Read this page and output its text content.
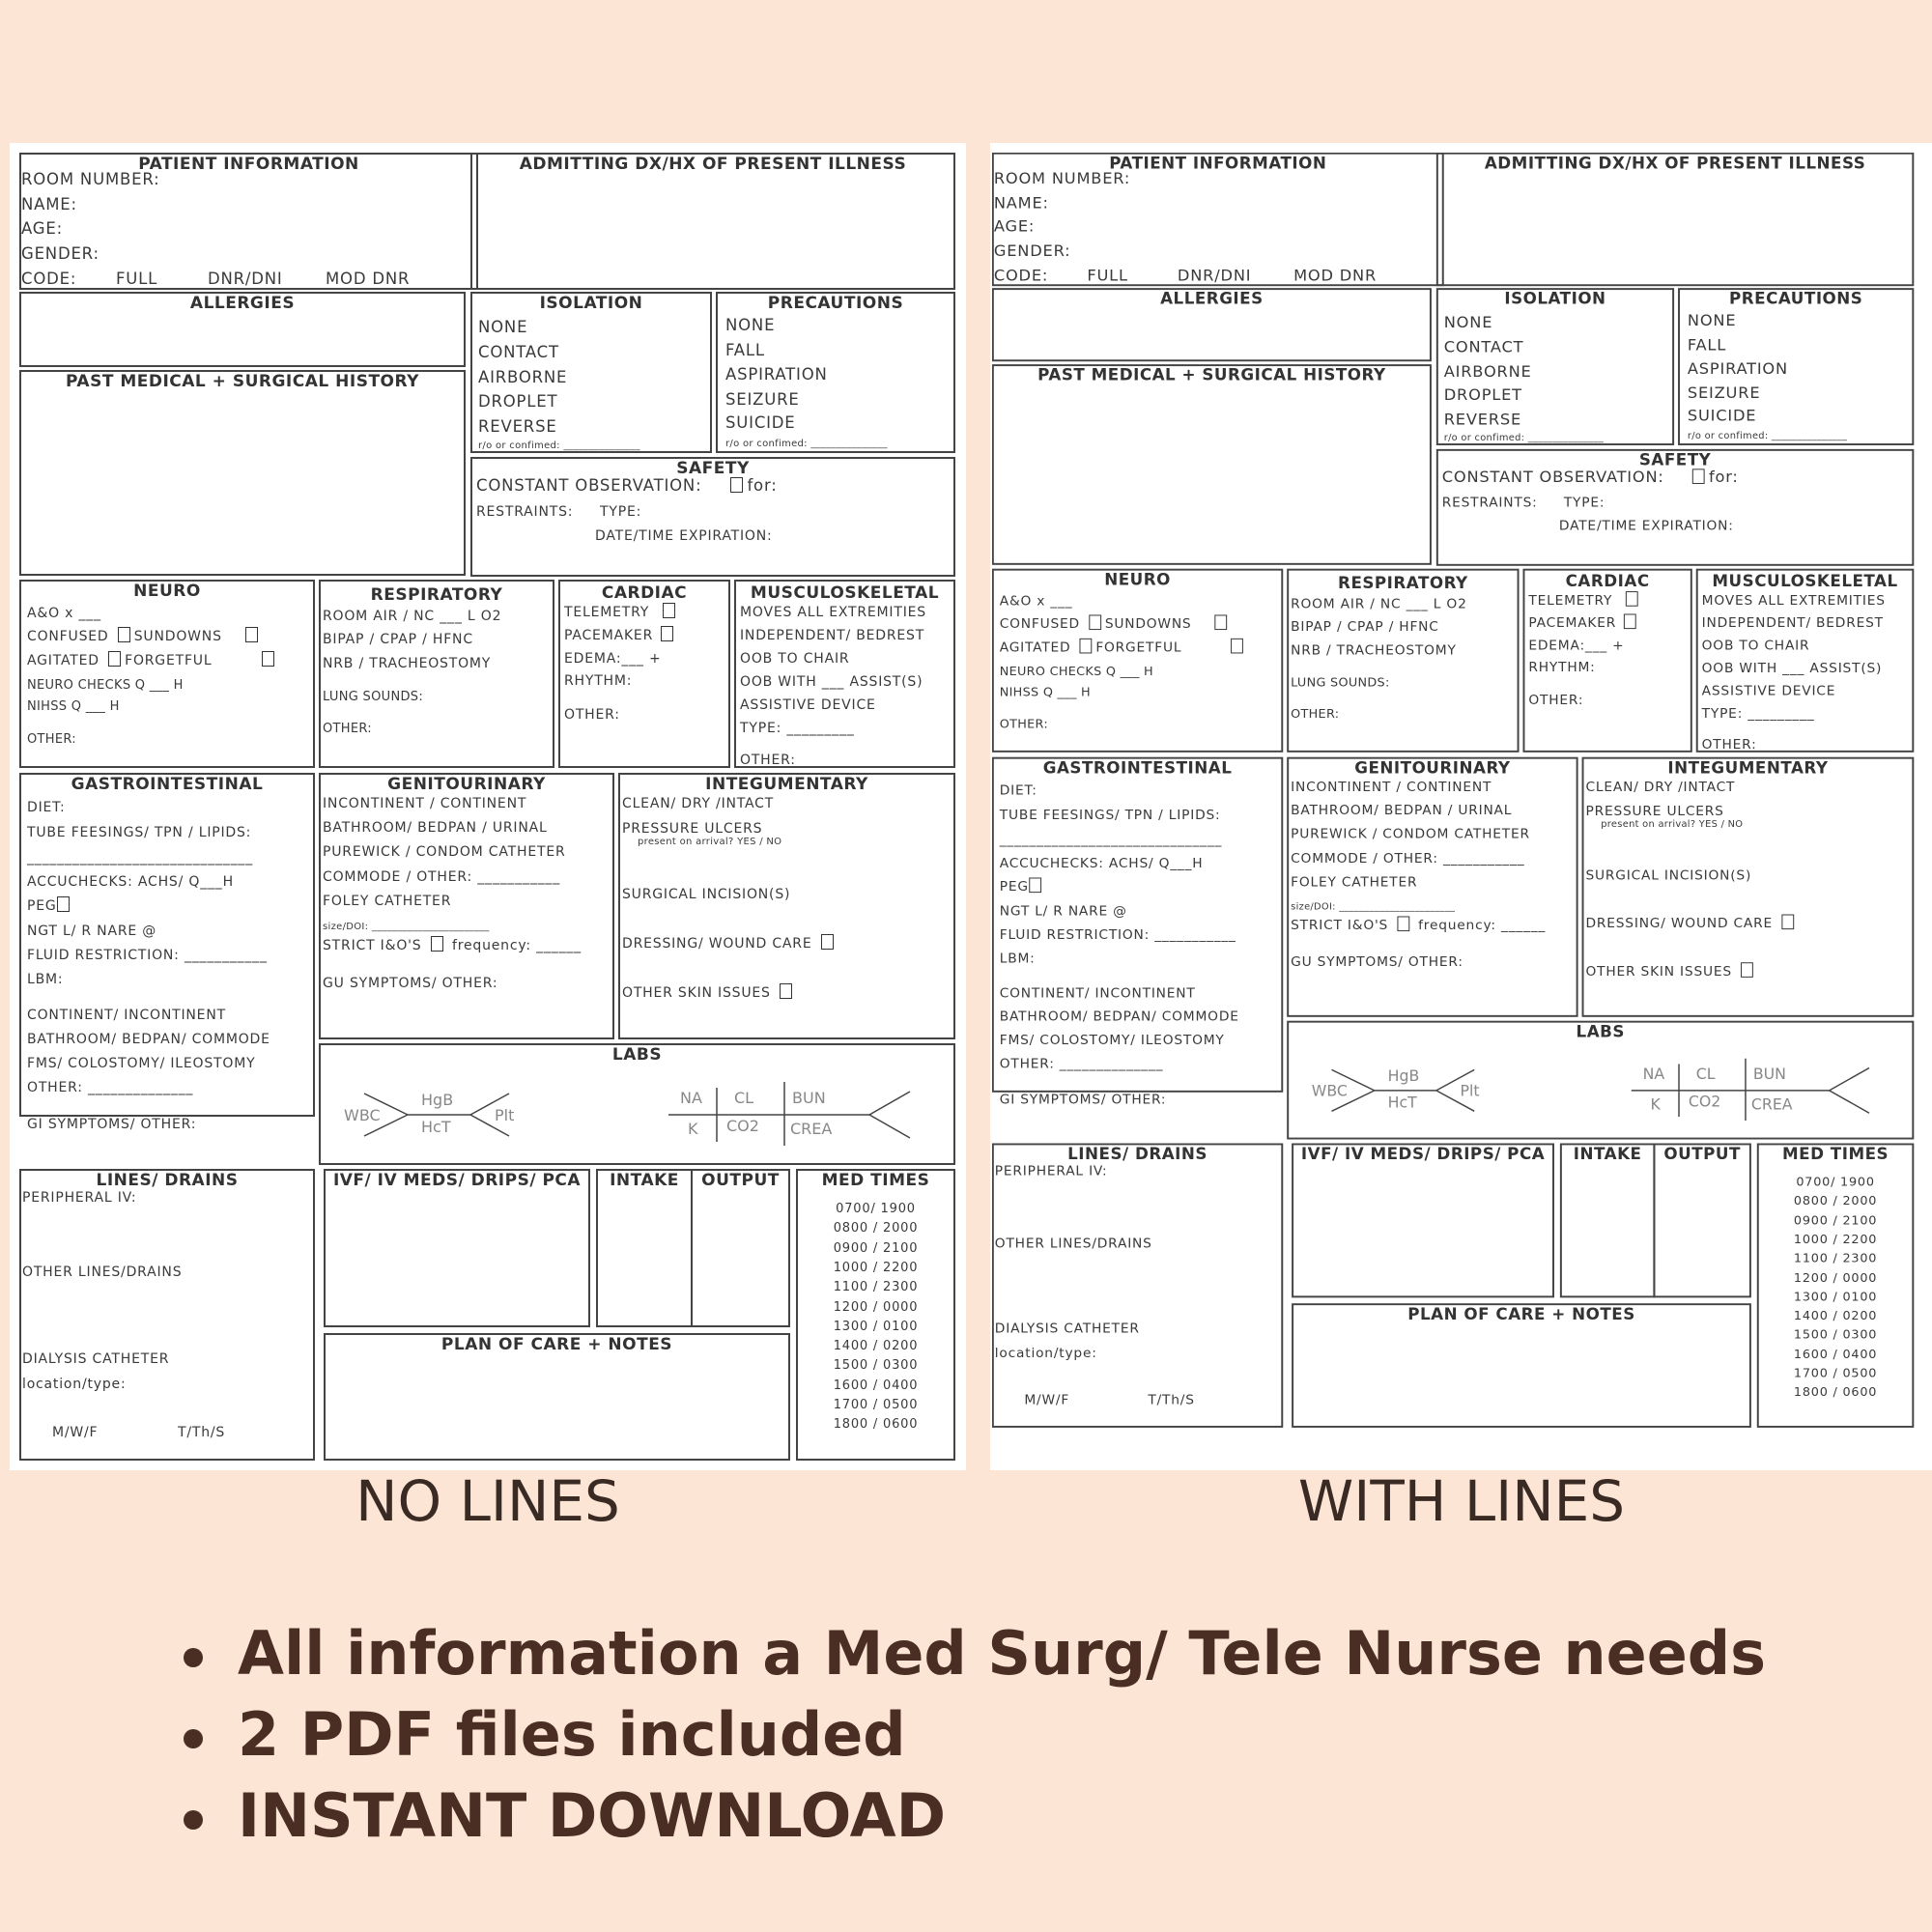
PATIENT INFORMATION
ROOM NUMBER:
NAME:
AGE:
GENDER:
CODE: FULL	DNR/DNI	MOD DNR
ADMITTING DX/HX OF PRESENT ILLNESS
ALLERGIES
PAST MEDICAL + SURGICAL HISTORY
ISOLATION
NONE
CONTACT
AIRBORNE
DROPLET
REVERSE
r/o or confimed: _______________
PRECAUTIONS
NONE
FALL
ASPIRATION
SEIZURE
SUICIDE
r/o or confimed: _______________
SAFETY
CONSTANT OBSERVATION:	for:
RESTRAINTS: TYPE:
DATE/TIME EXPIRATION:
NEURO
A&O x ___
CONFUSED SUNDOWNS
AGITATED FORGETFUL
NEURO CHECKS Q ___ H
NIHSS Q ___ H
OTHER:
RESPIRATORY
ROOM AIR / NC ___ L O2
BIPAP / CPAP / HFNC
NRB / TRACHEOSTOMY
LUNG SOUNDS:
OTHER:
CARDIAC
TELEMETRY
PACEMAKER
EDEMA:___ +
RHYTHM:
OTHER:
MUSCULOSKELETAL
MOVES ALL EXTREMITIES
INDEPENDENT/ BEDREST
OOB TO CHAIR
OOB WITH ___ ASSIST(S)
ASSISTIVE DEVICE
TYPE: _________
OTHER:
GASTROINTESTINAL
DIET:
TUBE FEESINGS/ TPN / LIPIDS:
______________________________
ACCUCHECKS: ACHS/ Q___H
PEG
NGT L/ R NARE @
FLUID RESTRICTION: ___________
LBM:
CONTINENT/ INCONTINENT
BATHROOM/ BEDPAN/ COMMODE
FMS/ COLOSTOMY/ ILEOSTOMY
OTHER: ______________
GI SYMPTOMS/ OTHER:
GENITOURINARY
INCONTINENT / CONTINENT
BATHROOM/ BEDPAN / URINAL
PUREWICK / CONDOM CATHETER
COMMODE / OTHER: ___________
FOLEY CATHETER
size/DOI: _______________________
STRICT I&O'S frequency: ______
GU SYMPTOMS/ OTHER:
INTEGUMENTARY
CLEAN/ DRY /INTACT
PRESSURE ULCERS
present on arrival? YES / NO
SURGICAL INCISION(S)
DRESSING/ WOUND CARE
OTHER SKIN ISSUES
LABS
WBC
HgB
HcT
Plt
NA
K
CL
CO2
BUN
CREA
LINES/ DRAINS
PERIPHERAL IV:
OTHER LINES/DRAINS
DIALYSIS CATHETER
location/type:
M/W/F	T/Th/S
IVF/ IV MEDS/ DRIPS/ PCA	INTAKE	OUTPUT
PLAN OF CARE + NOTES
MED TIMES
0700/ 1900
0800 / 2000
0900 / 2100
1000 / 2200
1100 / 2300
1200 / 0000
1300 / 0100
1400 / 0200
1500 / 0300
1600 / 0400
1700 / 0500
1800 / 0600
PATIENT INFORMATION
ROOM NUMBER:
NAME:
AGE:
GENDER:
CODE: FULL	DNR/DNI	MOD DNR
ADMITTING DX/HX OF PRESENT ILLNESS
ALLERGIES
PAST MEDICAL + SURGICAL HISTORY
ISOLATION
NONE
CONTACT
AIRBORNE
DROPLET
REVERSE
r/o or confimed: _______________
PRECAUTIONS
NONE
FALL
ASPIRATION
SEIZURE
SUICIDE
r/o or confimed: _______________
SAFETY
CONSTANT OBSERVATION:	for:
RESTRAINTS: TYPE:
DATE/TIME EXPIRATION:
NEURO
A&O x ___
CONFUSED SUNDOWNS
AGITATED FORGETFUL
NEURO CHECKS Q ___ H
NIHSS Q ___ H
OTHER:
RESPIRATORY
ROOM AIR / NC ___ L O2
BIPAP / CPAP / HFNC
NRB / TRACHEOSTOMY
LUNG SOUNDS:
OTHER:
CARDIAC
TELEMETRY
PACEMAKER
EDEMA:___ +
RHYTHM:
OTHER:
MUSCULOSKELETAL
MOVES ALL EXTREMITIES
INDEPENDENT/ BEDREST
OOB TO CHAIR
OOB WITH ___ ASSIST(S)
ASSISTIVE DEVICE
TYPE: _________
OTHER:
GASTROINTESTINAL
DIET:
TUBE FEESINGS/ TPN / LIPIDS:
______________________________
ACCUCHECKS: ACHS/ Q___H
PEG
NGT L/ R NARE @
FLUID RESTRICTION: ___________
LBM:
CONTINENT/ INCONTINENT
BATHROOM/ BEDPAN/ COMMODE
FMS/ COLOSTOMY/ ILEOSTOMY
OTHER: ______________
GI SYMPTOMS/ OTHER:
GENITOURINARY
INCONTINENT / CONTINENT
BATHROOM/ BEDPAN / URINAL
PUREWICK / CONDOM CATHETER
COMMODE / OTHER: ___________
FOLEY CATHETER
size/DOI: _______________________
STRICT I&O'S frequency: ______
GU SYMPTOMS/ OTHER:
INTEGUMENTARY
CLEAN/ DRY /INTACT
PRESSURE ULCERS
present on arrival? YES / NO
SURGICAL INCISION(S)
DRESSING/ WOUND CARE
OTHER SKIN ISSUES
LABS
WBC
HgB
HcT
Plt
NA
K
CL
CO2
BUN
CREA
LINES/ DRAINS
PERIPHERAL IV:
OTHER LINES/DRAINS
DIALYSIS CATHETER
location/type:
M/W/F	T/Th/S
IVF/ IV MEDS/ DRIPS/ PCA	INTAKE	OUTPUT
PLAN OF CARE + NOTES
MED TIMES
0700/ 1900
0800 / 2000
0900 / 2100
1000 / 2200
1100 / 2300
1200 / 0000
1300 / 0100
1400 / 0200
1500 / 0300
1600 / 0400
1700 / 0500
1800 / 0600
NO LINES	WITH LINES
All information a Med Surg/ Tele Nurse needs
2 PDF files included
INSTANT DOWNLOAD
